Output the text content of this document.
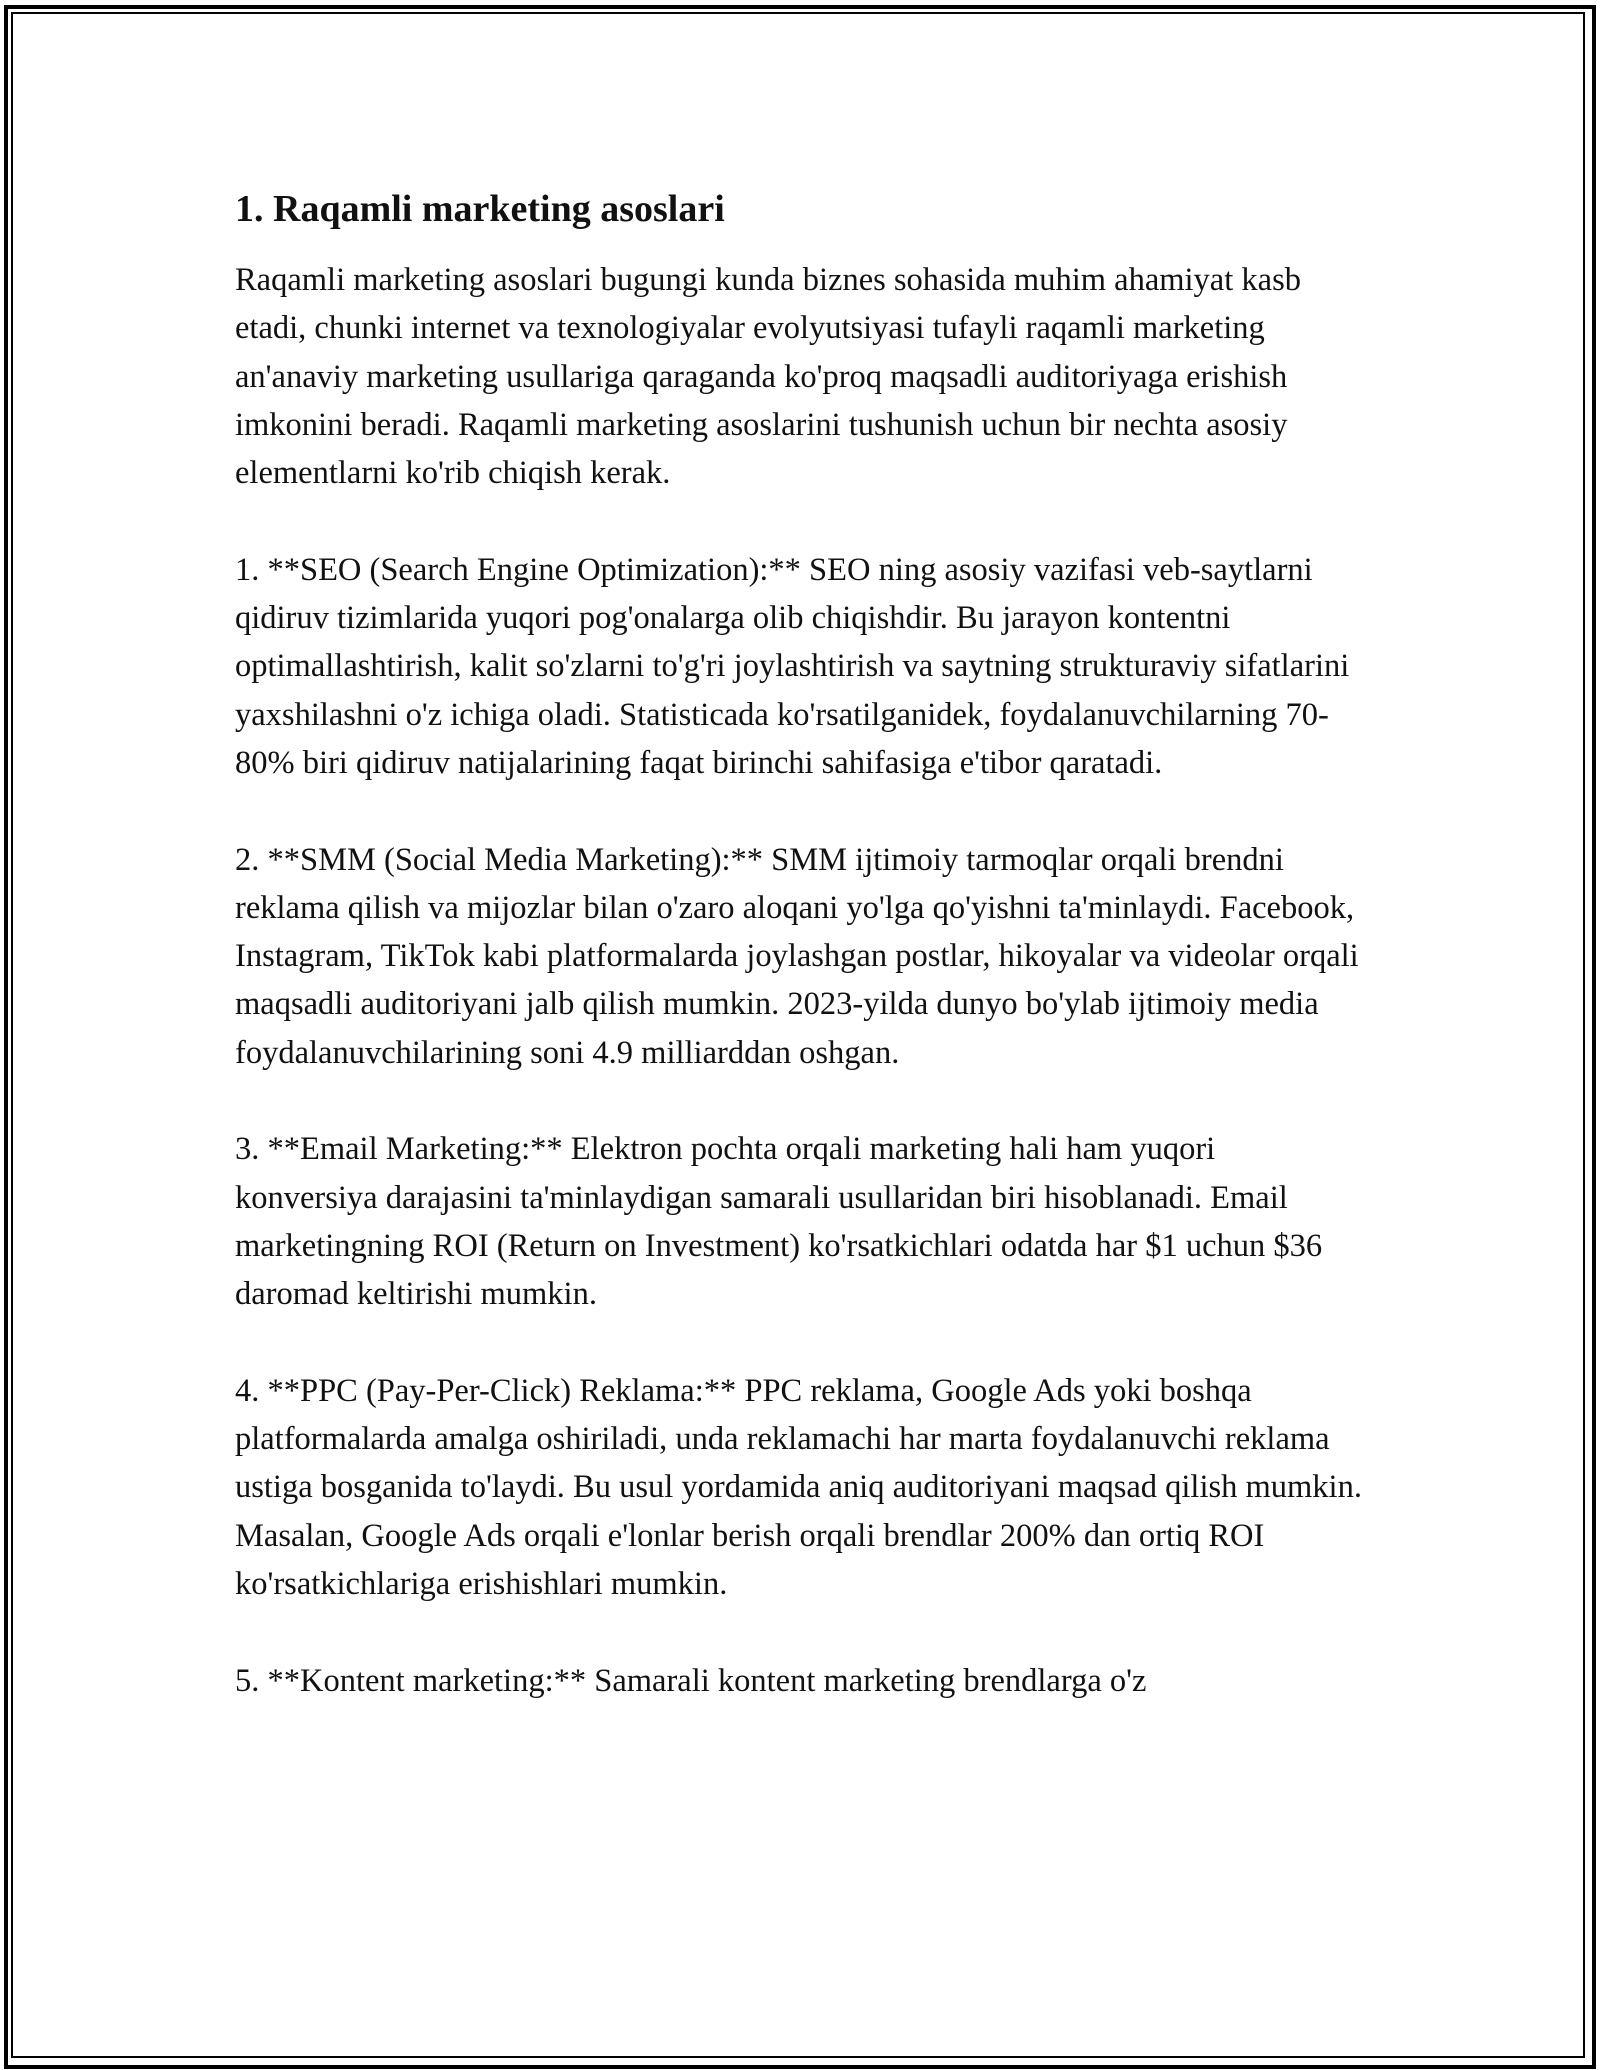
1. Raqamli marketing asoslari

Raqamli marketing asoslari bugungi kunda biznes sohasida muhim ahamiyat kasb etadi, chunki internet va texnologiyalar evolyutsiyasi tufayli raqamli marketing an'anaviy marketing usullariga qaraganda ko'proq maqsadli auditoriyaga erishish imkonini beradi. Raqamli marketing asoslarini tushunish uchun bir nechta asosiy elementlarni ko'rib chiqish kerak.

1. **SEO (Search Engine Optimization):** SEO ning asosiy vazifasi veb-saytlarni qidiruv tizimlarida yuqori pog'onalarga olib chiqishdir. Bu jarayon kontentni optimallashtirish, kalit so'zlarni to'g'ri joylashtirish va saytning strukturaviy sifatlarini yaxshilashni o'z ichiga oladi. Statisticada ko'rsatilganidek, foydalanuvchilarning 70-80% biri qidiruv natijalarining faqat birinchi sahifasiga e'tibor qaratadi.

2. **SMM (Social Media Marketing):** SMM ijtimoiy tarmoqlar orqali brendni reklama qilish va mijozlar bilan o'zaro aloqani yo'lga qo'yishni ta'minlaydi. Facebook, Instagram, TikTok kabi platformalarda joylashgan postlar, hikoyalar va videolar orqali maqsadli auditoriyani jalb qilish mumkin. 2023-yilda dunyo bo'ylab ijtimoiy media foydalanuvchilarining soni 4.9 milliarddan oshgan.

3. **Email Marketing:** Elektron pochta orqali marketing hali ham yuqori konversiya darajasini ta'minlaydigan samarali usullaridan biri hisoblanadi. Email marketingning ROI (Return on Investment) ko'rsatkichlari odatda har $1 uchun $36 daromad keltirishi mumkin.

4. **PPC (Pay-Per-Click) Reklama:** PPC reklama, Google Ads yoki boshqa platformalarda amalga oshiriladi, unda reklamachi har marta foydalanuvchi reklama ustiga bosganida to'laydi. Bu usul yordamida aniq auditoriyani maqsad qilish mumkin. Masalan, Google Ads orqali e'lonlar berish orqali brendlar 200% dan ortiq ROI ko'rsatkichlariga erishishlari mumkin.

5. **Kontent marketing:** Samarali kontent marketing brendlarga o'z
